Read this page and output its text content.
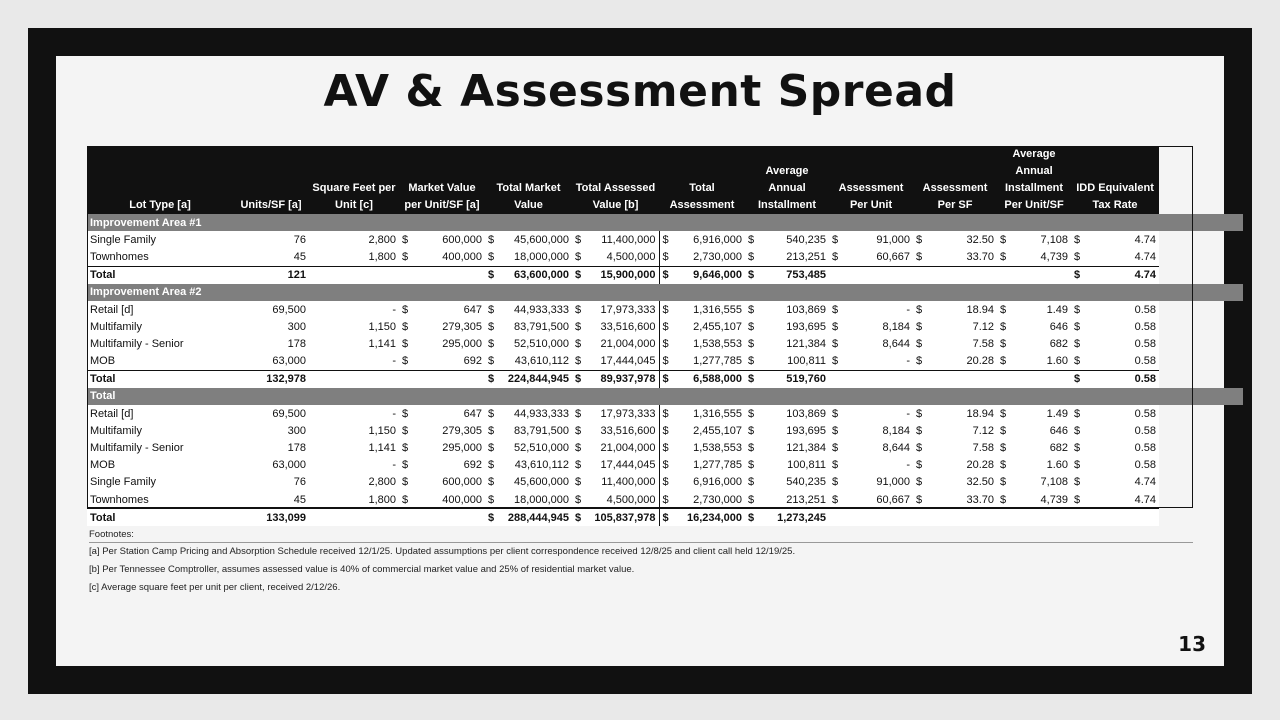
AV & Assessment Spread
Lot Type [a]	Units/SF [a]	Square Feet per Unit [c]	Market Value per Unit/SF [a]		Total Market Value		Total Assessed Value [b]		Total Assessment		Average Annual Installment		Assessment Per Unit		Assessment Per SF		Average Annual Installment Per Unit/SF		IDD Equivalent Tax Rate	
Improvement Area #1																				
Single Family	76	2,800	$	600,000	$	45,600,000	$	11,400,000	$	6,916,000	$	540,235	$	91,000	$	32.50	$	7,108	$	4.74
Townhomes	45	1,800	$	400,000	$	18,000,000	$	4,500,000	$	2,730,000	$	213,251	$	60,667	$	33.70	$	4,739	$	4.74
Total	121				$	63,600,000	$	15,900,000	$	9,646,000	$	753,485							$	4.74
Improvement Area #2																				
Retail [d]	69,500	-	$	647	$	44,933,333	$	17,973,333	$	1,316,555	$	103,869	$	-	$	18.94	$	1.49	$	0.58
Multifamily	300	1,150	$	279,305	$	83,791,500	$	33,516,600	$	2,455,107	$	193,695	$	8,184	$	7.12	$	646	$	0.58
Multifamily - Senior	178	1,141	$	295,000	$	52,510,000	$	21,004,000	$	1,538,553	$	121,384	$	8,644	$	7.58	$	682	$	0.58
MOB	63,000	-	$	692	$	43,610,112	$	17,444,045	$	1,277,785	$	100,811	$	-	$	20.28	$	1.60	$	0.58
Total	132,978				$	224,844,945	$	89,937,978	$	6,588,000	$	519,760							$	0.58
Total																				
Retail [d]	69,500	-	$	647	$	44,933,333	$	17,973,333	$	1,316,555	$	103,869	$	-	$	18.94	$	1.49	$	0.58
Multifamily	300	1,150	$	279,305	$	83,791,500	$	33,516,600	$	2,455,107	$	193,695	$	8,184	$	7.12	$	646	$	0.58
Multifamily - Senior	178	1,141	$	295,000	$	52,510,000	$	21,004,000	$	1,538,553	$	121,384	$	8,644	$	7.58	$	682	$	0.58
MOB	63,000	-	$	692	$	43,610,112	$	17,444,045	$	1,277,785	$	100,811	$	-	$	20.28	$	1.60	$	0.58
Single Family	76	2,800	$	600,000	$	45,600,000	$	11,400,000	$	6,916,000	$	540,235	$	91,000	$	32.50	$	7,108	$	4.74
Townhomes	45	1,800	$	400,000	$	18,000,000	$	4,500,000	$	2,730,000	$	213,251	$	60,667	$	33.70	$	4,739	$	4.74
Total	133,099				$	288,444,945	$	105,837,978	$	16,234,000	$	1,273,245								
Footnotes:
[a] Per Station Camp Pricing and Absorption Schedule received 12/1/25. Updated assumptions per client correspondence received 12/8/25 and client call held 12/19/25.
[b] Per Tennessee Comptroller, assumes assessed value is 40% of commercial market value and 25% of residential market value.
[c] Average square feet per unit per client, received 2/12/26.
13
